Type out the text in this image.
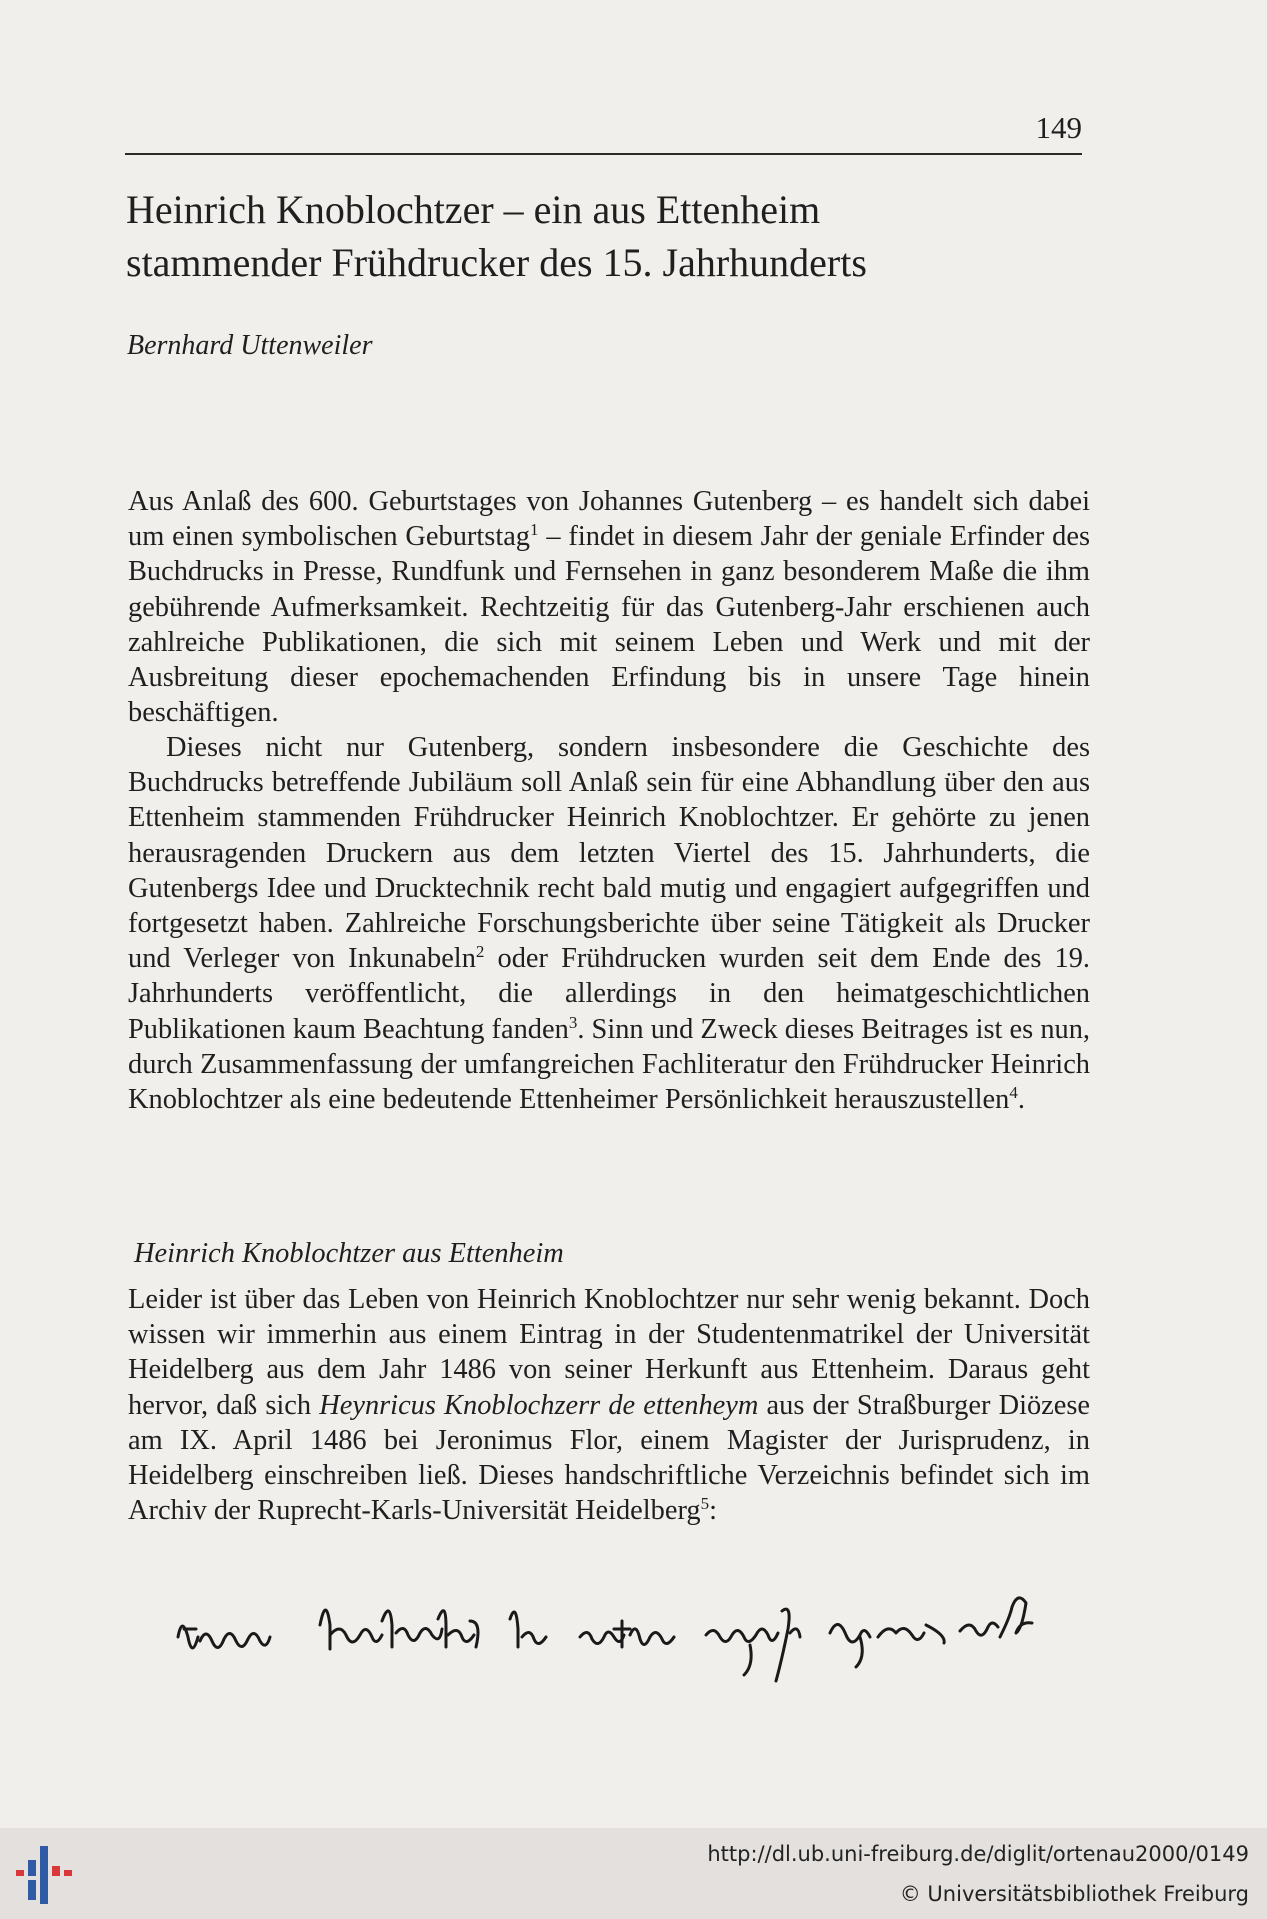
149
Heinrich Knoblochtzer – ein aus Ettenheim
stammender Frühdrucker des 15. Jahrhunderts
Bernhard Uttenweiler

Aus Anlaß des 600. Geburtstages von Johannes Gutenberg – es handelt sich dabei um einen symbolischen Geburtstag$^1$ – findet in diesem Jahr der geniale Erfinder des Buchdrucks in Presse, Rundfunk und Fernsehen in ganz besonderem Maße die ihm gebührende Aufmerksamkeit. Rechtzeitig für das Gutenberg-Jahr erschienen auch zahlreiche Publikationen, die sich mit seinem Leben und Werk und mit der Ausbreitung dieser epochemachenden Erfindung bis in unsere Tage hinein beschäftigen.

Dieses nicht nur Gutenberg, sondern insbesondere die Geschichte des Buchdrucks betreffende Jubiläum soll Anlaß sein für eine Abhandlung über den aus Ettenheim stammenden Frühdrucker Heinrich Knoblochtzer. Er gehörte zu jenen herausragenden Druckern aus dem letzten Viertel des 15. Jahrhunderts, die Gutenbergs Idee und Drucktechnik recht bald mutig und engagiert aufgegriffen und fortgesetzt haben. Zahlreiche Forschungsberichte über seine Tätigkeit als Drucker und Verleger von Inkunabeln$^2$ oder Frühdrucken wurden seit dem Ende des 19. Jahrhunderts veröffentlicht, die allerdings in den heimatgeschichtlichen Publikationen kaum Beachtung fanden$^3$. Sinn und Zweck dieses Beitrages ist es nun, durch Zusammenfassung der umfangreichen Fachliteratur den Frühdrucker Heinrich Knoblochtzer als eine bedeutende Ettenheimer Persönlichkeit herauszustellen$^4$.

Heinrich Knoblochtzer aus Ettenheim

Leider ist über das Leben von Heinrich Knoblochtzer nur sehr wenig bekannt. Doch wissen wir immerhin aus einem Eintrag in der Studentenmatrikel der Universität Heidelberg aus dem Jahr 1486 von seiner Herkunft aus Ettenheim. Daraus geht hervor, daß sich Heynricus Knoblochzerr de ettenheym aus der Straßburger Diözese am IX. April 1486 bei Jeronimus Flor, einem Magister der Jurisprudenz, in Heidelberg einschreiben ließ. Dieses handschriftliche Verzeichnis befindet sich im Archiv der Ruprecht-Karls-Universität Heidelberg$^5$:

http://dl.ub.uni-freiburg.de/diglit/ortenau2000/0149
© Universitätsbibliothek Freiburg
